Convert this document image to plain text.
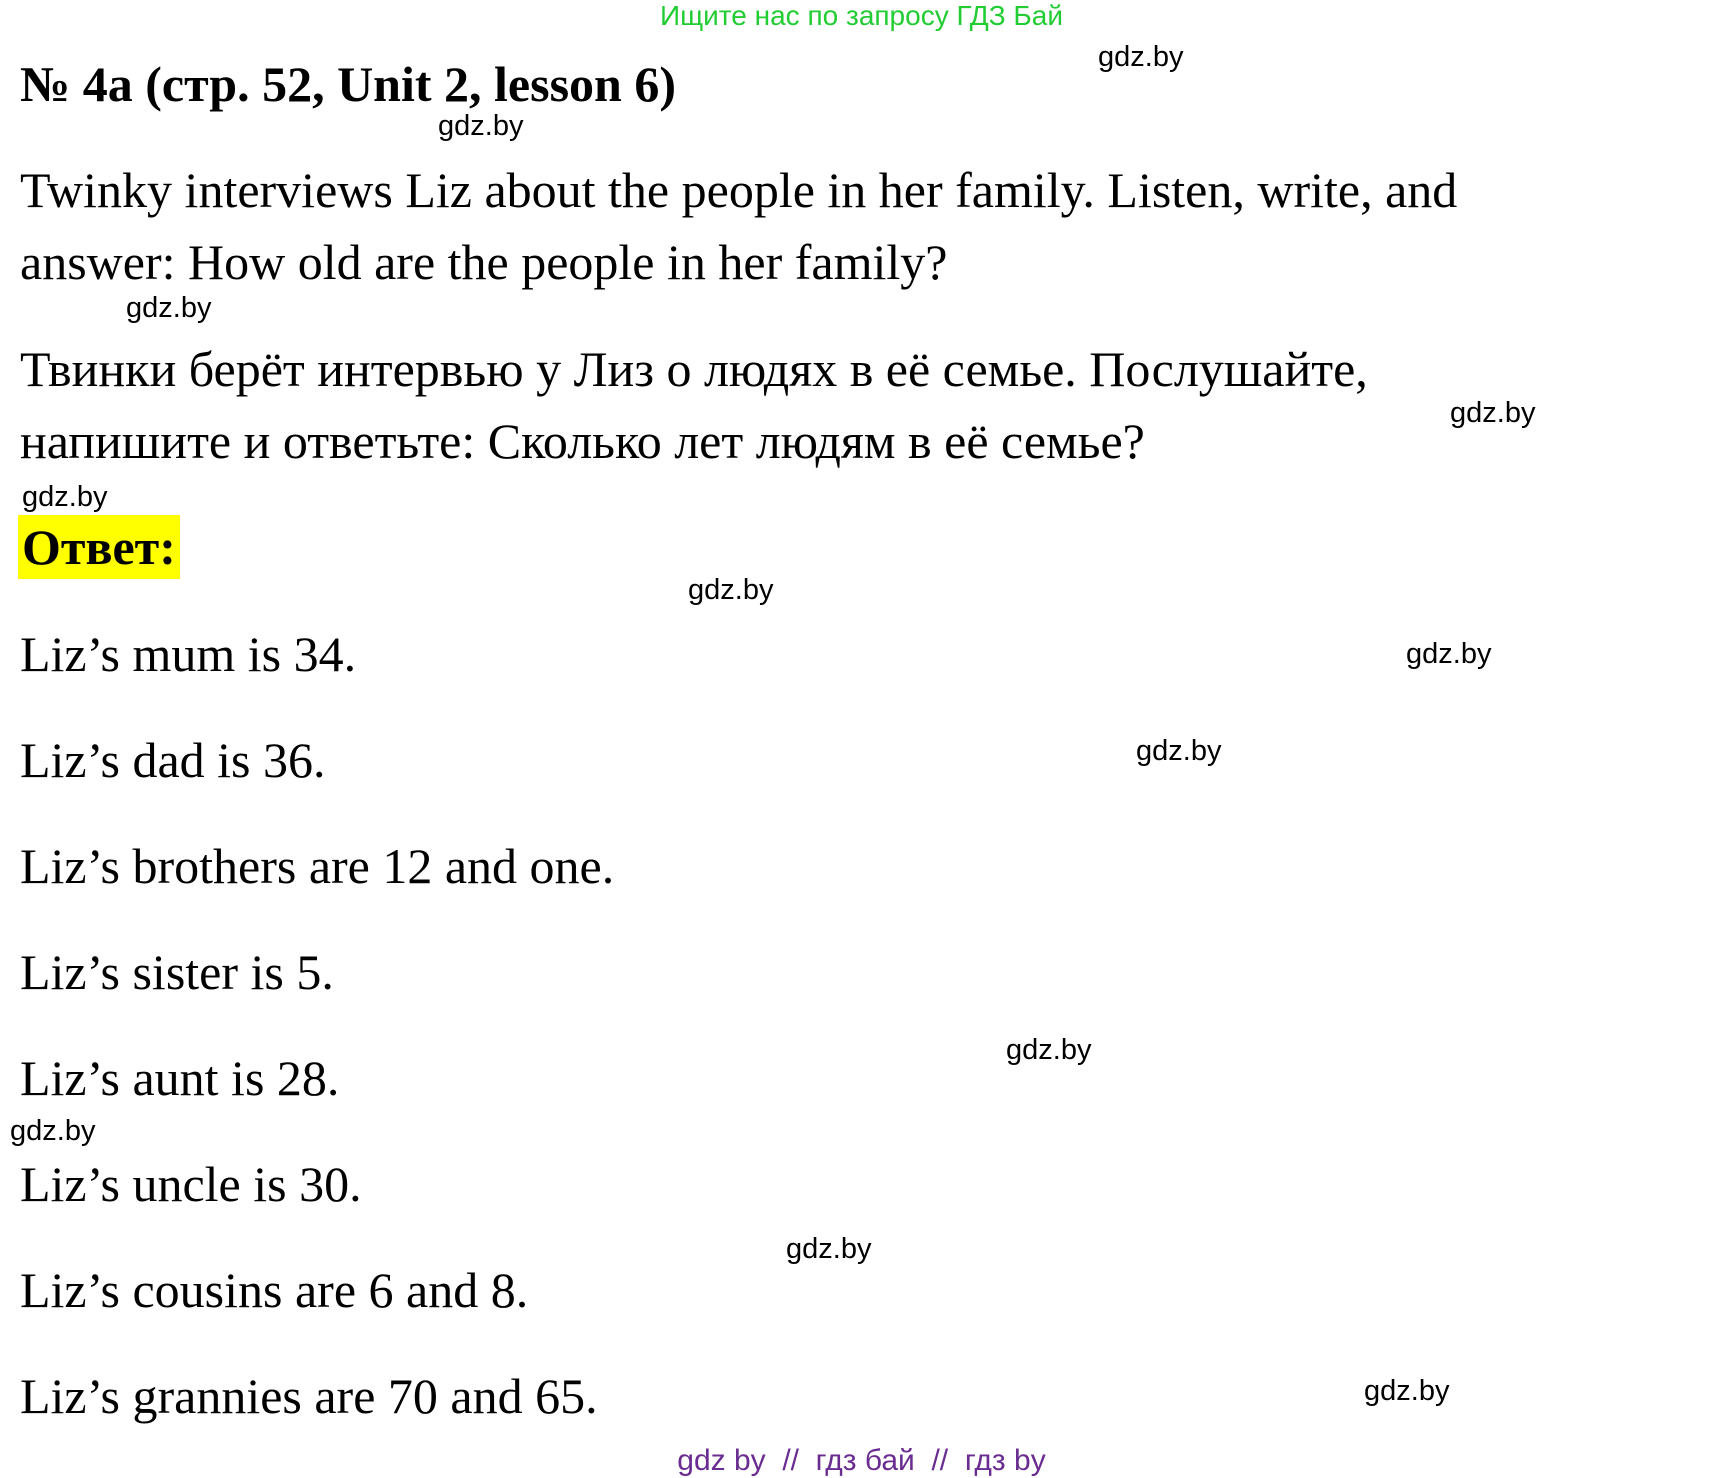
Ищите нас по запросу ГДЗ Бай
№ 4а (стр. 52, Unit 2, lesson 6)
Twinky interviews Liz about the people in her family. Listen, write, and
answer: How old are the people in her family?
Твинки берёт интервью у Лиз о людях в её семье. Послушайте,
напишите и ответьте: Сколько лет людям в её семье?
Ответ:
Liz’s mum is 34.
Liz’s dad is 36.
Liz’s brothers are 12 and one.
Liz’s sister is 5.
Liz’s aunt is 28.
Liz’s uncle is 30.
Liz’s cousins are 6 and 8.
Liz’s grannies are 70 and 65.
gdz.by
gdz.by
gdz.by
gdz.by
gdz.by
gdz.by
gdz.by
gdz.by
gdz.by
gdz.by
gdz.by
gdz.by
gdz by  //  гдз бай  //  гдз by
